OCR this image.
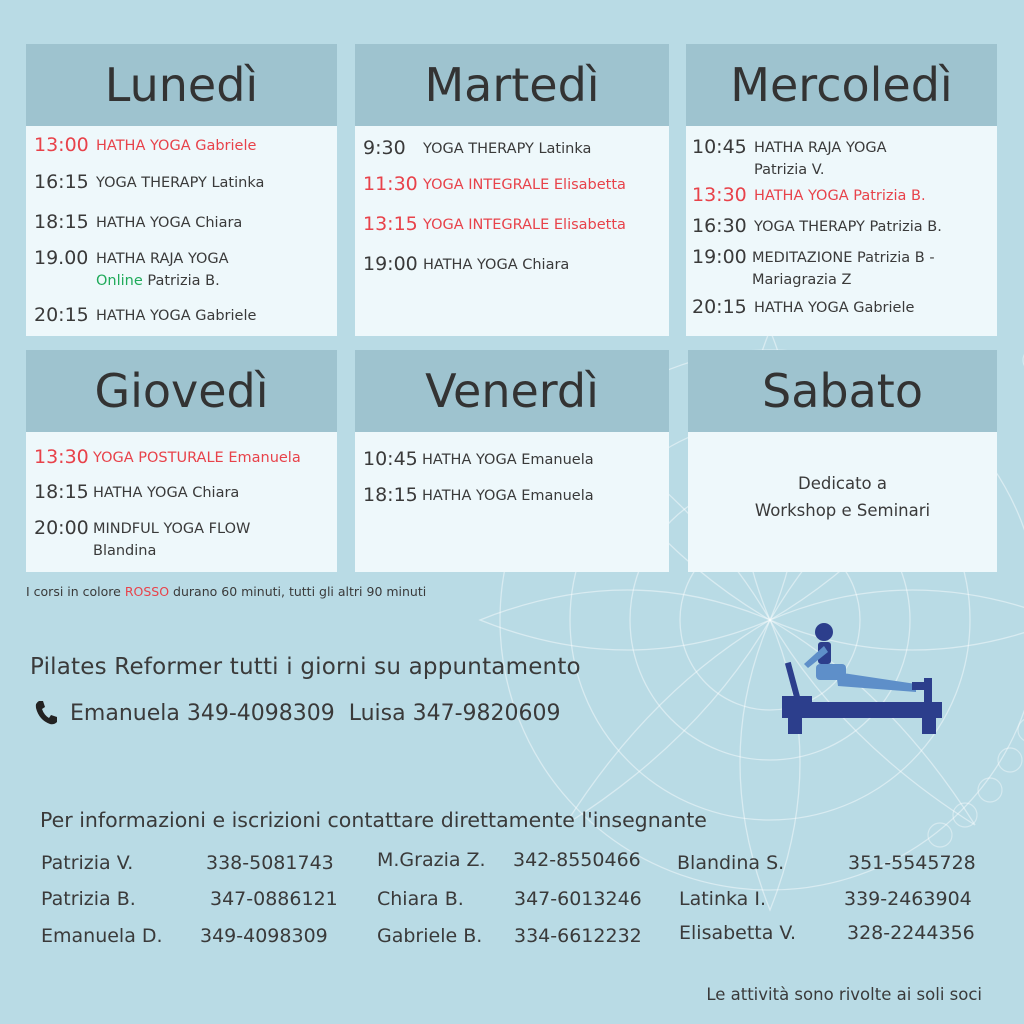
Lunedì
13:00 HATHA YOGA Gabriele
16:15 YOGA THERAPY Latinka
18:15 HATHA YOGA Chiara
19.00 HATHA RAJA YOGA
Online Patrizia B.
20:15 HATHA YOGA Gabriele
Martedì
9:30	YOGA THERAPY Latinka
11:30 YOGA INTEGRALE Elisabetta
13:15 YOGA INTEGRALE Elisabetta
19:00 HATHA YOGA Chiara
Mercoledì
10:45 HATHA RAJA YOGA
Patrizia V.
13:30 HATHA YOGA Patrizia B.
16:30 YOGA THERAPY Patrizia B.
19:00 MEDITAZIONE Patrizia B -
Mariagrazia Z
20:15 HATHA YOGA Gabriele
Giovedì
13:30 YOGA POSTURALE Emanuela
18:15 HATHA YOGA Chiara
20:00 MINDFUL YOGA FLOW
Blandina
Venerdì
10:45 HATHA YOGA Emanuela
18:15 HATHA YOGA Emanuela
Sabato
Dedicato a
Workshop e Seminari
I corsi in colore ROSSO durano 60 minuti, tutti gli altri 90 minuti
Pilates Reformer tutti i giorni su appuntamento
Emanuela 349-4098309  Luisa 347-9820609
Per informazioni e iscrizioni contattare direttamente l'insegnante
Patrizia V.	338-5081743
Patrizia B.	347-0886121
Emanuela D. 349-4098309
M.Grazia Z. 342-8550466
Chiara B.	347-6013246
Gabriele B. 334-6612232
Blandina S.	351-5545728
Latinka I.	339-2463904
Elisabetta V.	328-2244356
Le attività sono rivolte ai soli soci
